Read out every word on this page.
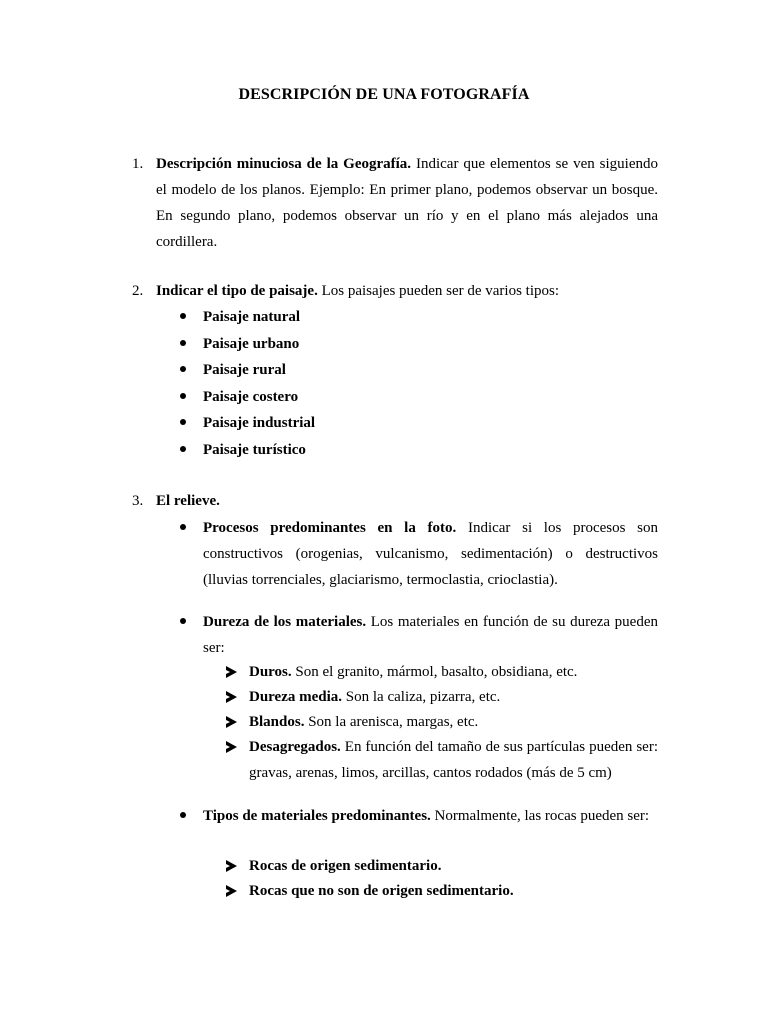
DESCRIPCIÓN DE UNA FOTOGRAFÍA
1. Descripción minuciosa de la Geografía. Indicar que elementos se ven siguiendo el modelo de los planos. Ejemplo: En primer plano, podemos observar un bosque. En segundo plano, podemos observar un río y en el plano más alejados una cordillera.
2. Indicar el tipo de paisaje. Los paisajes pueden ser de varios tipos:
Paisaje natural
Paisaje urbano
Paisaje rural
Paisaje costero
Paisaje industrial
Paisaje turístico
3. El relieve.
Procesos predominantes en la foto. Indicar si los procesos son constructivos (orogenias, vulcanismo, sedimentación) o destructivos (lluvias torrenciales, glaciarismo, termoclastia, crioclastia).
Dureza de los materiales. Los materiales en función de su dureza pueden ser:
Duros. Son el granito, mármol, basalto, obsidiana, etc.
Dureza media. Son la caliza, pizarra, etc.
Blandos. Son la arenisca, margas, etc.
Desagregados. En función del tamaño de sus partículas pueden ser: gravas, arenas, limos, arcillas, cantos rodados (más de 5 cm)
Tipos de materiales predominantes. Normalmente, las rocas pueden ser:
Rocas de origen sedimentario.
Rocas que no son de origen sedimentario.
